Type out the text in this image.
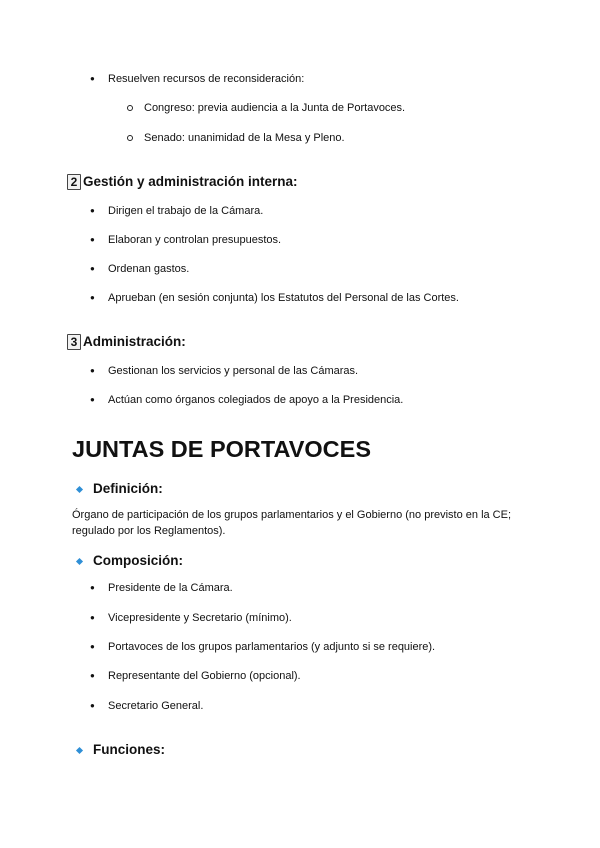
● Resuelven recursos de reconsideración:
Congreso: previa audiencia a la Junta de Portavoces.
Senado: unanimidad de la Mesa y Pleno.
2 Gestión y administración interna:
● Dirigen el trabajo de la Cámara.
● Elaboran y controlan presupuestos.
● Ordenan gastos.
● Aprueban (en sesión conjunta) los Estatutos del Personal de las Cortes.
3 Administración:
● Gestionan los servicios y personal de las Cámaras.
● Actúan como órganos colegiados de apoyo a la Presidencia.
JUNTAS DE PORTAVOCES
Definición:
Órgano de participación de los grupos parlamentarios y el Gobierno (no previsto en la CE; regulado por los Reglamentos).
Composición:
● Presidente de la Cámara.
● Vicepresidente y Secretario (mínimo).
● Portavoces de los grupos parlamentarios (y adjunto si se requiere).
● Representante del Gobierno (opcional).
● Secretario General.
Funciones:
